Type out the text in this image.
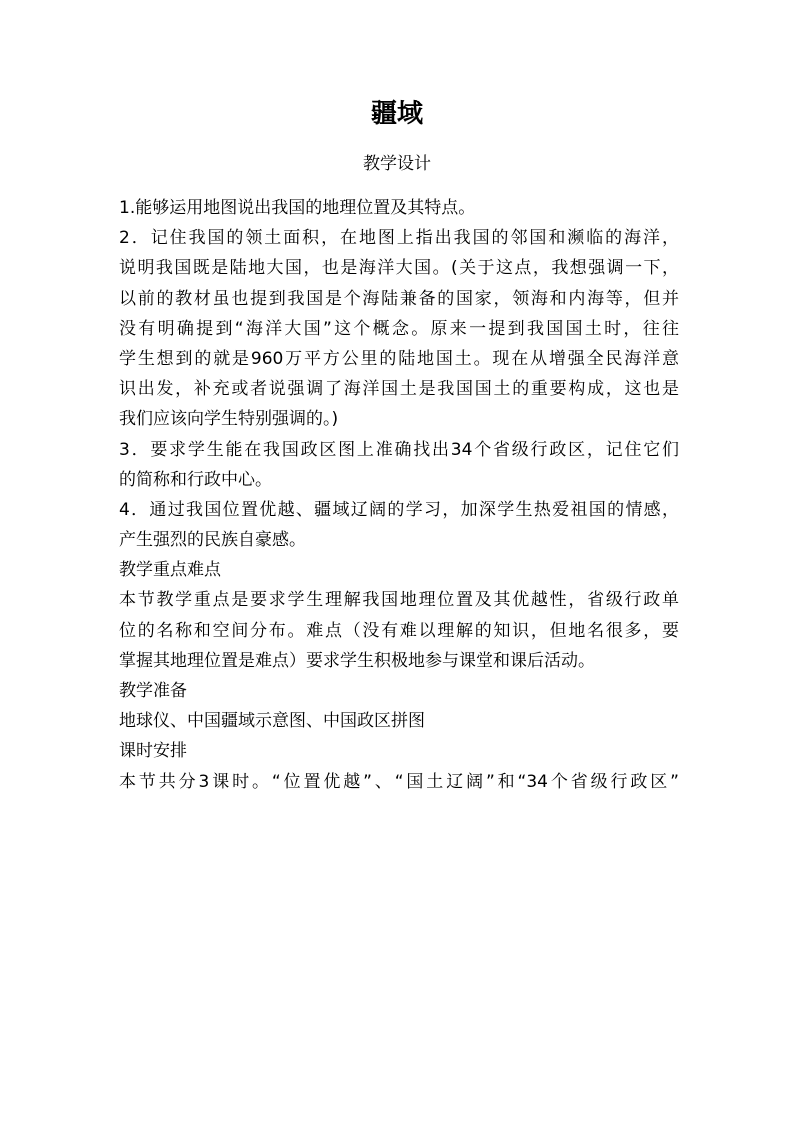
疆域
教学设计
1.能够运用地图说出我国的地理位置及其特点。
2．记住我国的领土面积，在地图上指出我国的邻国和濒临的海洋，
说明我国既是陆地大国，也是海洋大国。(关于这点，我想强调一下，
以前的教材虽也提到我国是个海陆兼备的国家，领海和内海等，但并
没有明确提到“海洋大国”这个概念。原来一提到我国国土时，往往
学生想到的就是960万平方公里的陆地国土。现在从增强全民海洋意
识出发，补充或者说强调了海洋国土是我国国土的重要构成，这也是
我们应该向学生特别强调的。)
3．要求学生能在我国政区图上准确找出34个省级行政区，记住它们
的简称和行政中心。
4．通过我国位置优越、疆域辽阔的学习，加深学生热爱祖国的情感，
产生强烈的民族自豪感。
教学重点难点
本节教学重点是要求学生理解我国地理位置及其优越性，省级行政单
位的名称和空间分布。难点（没有难以理解的知识，但地名很多，要
掌握其地理位置是难点）要求学生积极地参与课堂和课后活动。
教学准备
地球仪、中国疆域示意图、中国政区拼图
课时安排
本节共分3课时。“位置优越”、“国土辽阔”和“34个省级行政区”
